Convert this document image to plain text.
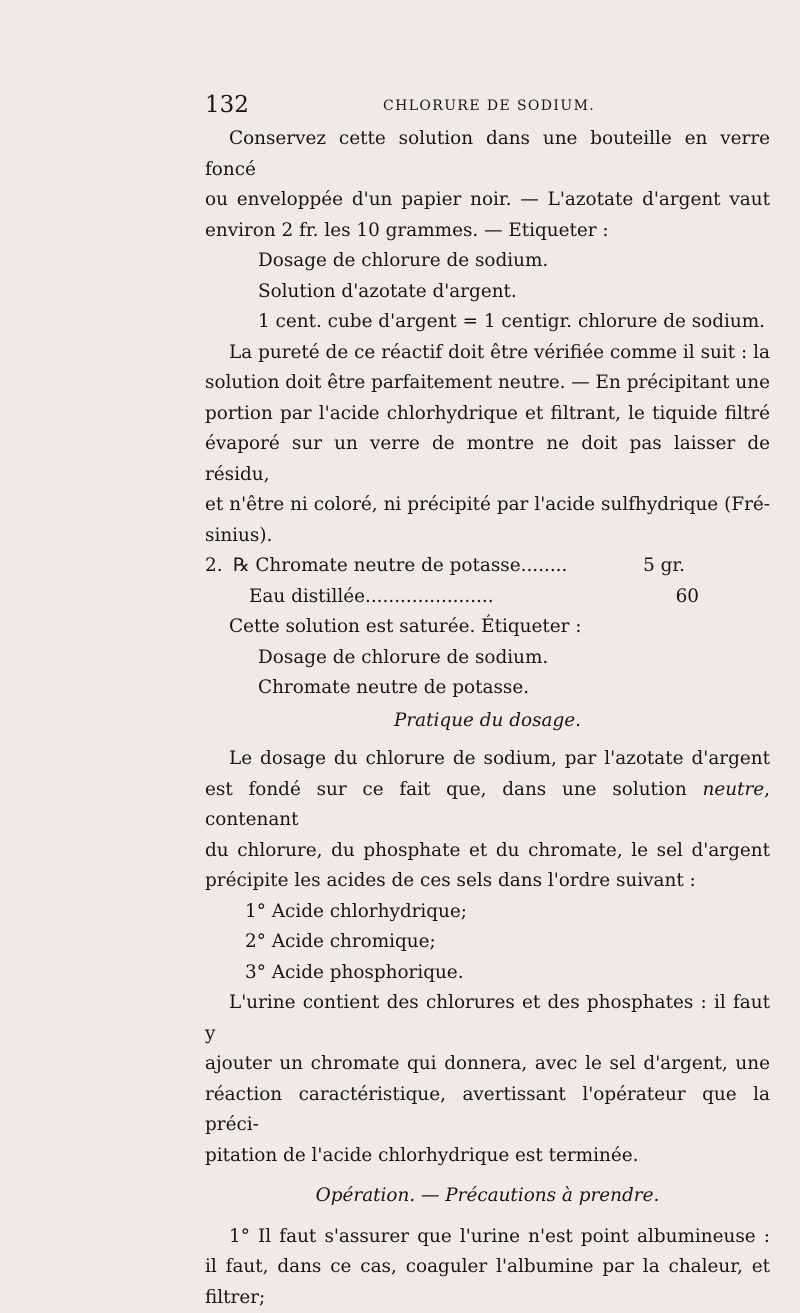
132	CHLORURE DE SODIUM.

Conservez cette solution dans une bouteille en verre foncé

ou enveloppée d'un papier noir. — L'azotate d'argent vaut

environ 2 fr. les 10 grammes. — Etiqueter :

Dosage de chlorure de sodium.

Solution d'azotate d'argent.

1 cent. cube d'argent = 1 centigr. chlorure de sodium.

La pureté de ce réactif doit être vérifiée comme il suit : la

solution doit être parfaitement neutre. — En précipitant une

portion par l'acide chlorhydrique et filtrant, le tiquide filtré

évaporé sur un verre de montre ne doit pas laisser de résidu,

et n'être ni coloré, ni précipité par l'acide sulfhydrique (Fré-

sinius).

2. ℞ Chromate neutre de potasse ........	5 gr.
Eau distillée ......................	60

Cette solution est saturée. Étiqueter :

Dosage de chlorure de sodium.

Chromate neutre de potasse.

Pratique du dosage.

Le dosage du chlorure de sodium, par l'azotate d'argent

est fondé sur ce fait que, dans une solution neutre, contenant

du chlorure, du phosphate et du chromate, le sel d'argent

précipite les acides de ces sels dans l'ordre suivant :

1° Acide chlorhydrique;

2° Acide chromique;

3° Acide phosphorique.

L'urine contient des chlorures et des phosphates : il faut y

ajouter un chromate qui donnera, avec le sel d'argent, une

réaction caractéristique, avertissant l'opérateur que la préci-

pitation de l'acide chlorhydrique est terminée.

Opération. — Précautions à prendre.

1° Il faut s'assurer que l'urine n'est point albumineuse :

il faut, dans ce cas, coaguler l'albumine par la chaleur, et

filtrer;
